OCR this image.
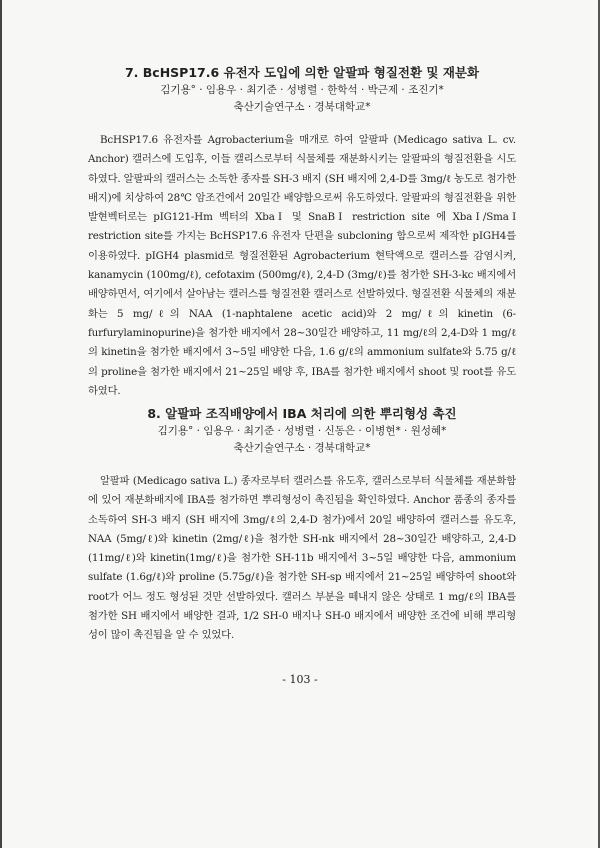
7. BcHSP17.6 유전자 도입에 의한 알팔파 형질전환 및 재분화
김기용° · 임용우 · 최기준 · 성병렬 · 한학석 · 박근제 · 조진기*
축산기술연구소 · 경북대학교*

BcHSP17.6 유전자를 Agrobacterium을 매개로 하여 알팔파 (Medicago sativa L. cv. Anchor) 캘러스에 도입후, 이들 캘리스로부터 식물체를 재분화시키는 알팔파의 형질전환을 시도하였다. 알팔파의 캘러스는 소독한 종자를 SH-3 배지 (SH 배지에 2,4-D를 3mg/ℓ 농도로 첨가한 배지)에 치상하여 28℃ 암조건에서 20일간 배양함으로써 유도하였다. 알팔파의 형질전환을 위한 발현벡터로는 pIG121-Hm 벡터의 XbaⅠ 및 SnaBⅠ restriction site 에 XbaⅠ/SmaⅠ restriction site를 가지는 BcHSP17.6 유전자 단편을 subcloning 함으로써 제작한 pIGH4를 이용하였다. pIGH4 plasmid로 형질전환된 Agrobacterium 현탁액으로 캘러스를 감염시켜, kanamycin (100mg/ℓ), cefotaxim (500mg/ℓ), 2,4-D (3mg/ℓ)를 첨가한 SH-3-kc 배지에서 배양하면서, 여기에서 살아남는 캘러스를 형질전환 캘러스로 선발하였다. 형질전환 식물체의 재분화는 5 mg/ℓ의 NAA (1-naphtalene acetic acid)와 2 mg/ℓ의 kinetin (6-furfurylaminopurine)을 첨가한 배지에서 28~30일간 배양하고, 11 mg/ℓ의 2,4-D와 1 mg/ℓ의 kinetin을 첨가한 배지에서 3~5일 배양한 다음, 1.6 g/ℓ의 ammonium sulfate와 5.75 g/ℓ의 proline을 첨가한 배지에서 21~25일 배양 후, IBA를 첨가한 배지에서 shoot 및 root를 유도하였다.

8. 알팔파 조직배양에서 IBA 처리에 의한 뿌리형성 촉진
김기용° · 임용우 · 최기준 · 성병렬 · 신동은 · 이병현* · 원성혜*
축산기술연구소 · 경북대학교*

알팔파 (Medicago sativa L.) 종자로부터 캘러스를 유도후, 캘러스로부터 식물체를 재분화함에 있어 재분화배지에 IBA를 첨가하면 뿌리형성이 촉진됨을 확인하였다. Anchor 품종의 종자를 소독하여 SH-3 배지 (SH 배지에 3mg/ℓ의 2,4-D 첨가)에서 20일 배양하여 캘러스를 유도후, NAA (5mg/ℓ)와 kinetin (2mg/ℓ)을 첨가한 SH-nk 배지에서 28~30일간 배양하고, 2,4-D (11mg/ℓ)와 kinetin(1mg/ℓ)을 첨가한 SH-11b 배지에서 3~5일 배양한 다음, ammonium sulfate (1.6g/ℓ)와 proline (5.75g/ℓ)을 첨가한 SH-sp 배지에서 21~25일 배양하여 shoot와 root가 어느 정도 형성된 것만 선발하였다. 캘러스 부분을 떼내지 않은 상태로 1 mg/ℓ의 IBA를 첨가한 SH 배지에서 배양한 결과, 1/2 SH-0 배지나 SH-0 배지에서 배양한 조건에 비해 뿌리형성이 많이 촉진됨을 알 수 있었다.

- 103 -
